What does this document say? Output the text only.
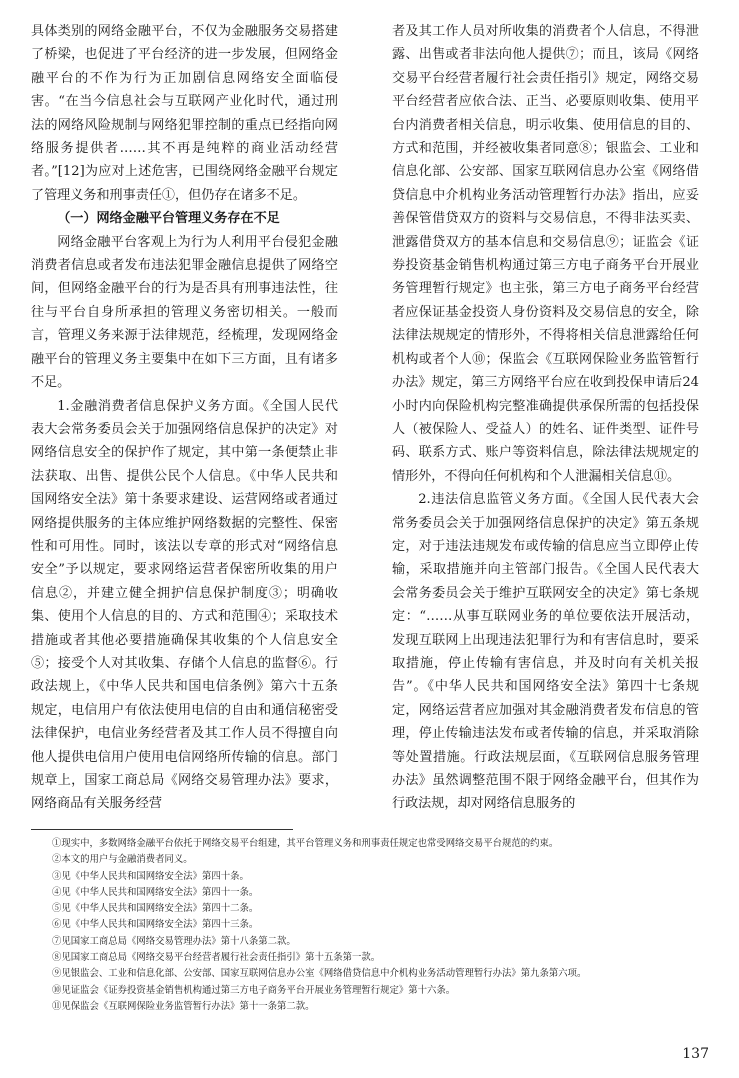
具体类别的网络金融平台，不仅为金融服务交易搭建了桥梁，也促进了平台经济的进一步发展，但网络金融平台的不作为行为正加剧信息网络安全面临侵害。“在当今信息社会与互联网产业化时代，通过刑法的网络风险规制与网络犯罪控制的重点已经指向网络服务提供者……其不再是纯粹的商业活动经营者。”[12]为应对上述危害，已围绕网络金融平台规定了管理义务和刑事责任①，但仍存在诸多不足。

（一）网络金融平台管理义务存在不足

网络金融平台客观上为行为人利用平台侵犯金融消费者信息或者发布违法犯罪金融信息提供了网络空间，但网络金融平台的行为是否具有刑事违法性，往往与平台自身所承担的管理义务密切相关。一般而言，管理义务来源于法律规范，经梳理，发现网络金融平台的管理义务主要集中在如下三方面，且有诸多不足。

1.金融消费者信息保护义务方面。《全国人民代表大会常务委员会关于加强网络信息保护的决定》对网络信息安全的保护作了规定，其中第一条便禁止非法获取、出售、提供公民个人信息。《中华人民共和国网络安全法》第十条要求建设、运营网络或者通过网络提供服务的主体应维护网络数据的完整性、保密性和可用性。同时，该法以专章的形式对“网络信息安全”予以规定，要求网络运营者保密所收集的用户信息②，并建立健全拥护信息保护制度③；明确收集、使用个人信息的目的、方式和范围④；采取技术措施或者其他必要措施确保其收集的个人信息安全⑤；接受个人对其收集、存储个人信息的监督⑥。行政法规上，《中华人民共和国电信条例》第六十五条规定，电信用户有依法使用电信的自由和通信秘密受法律保护，电信业务经营者及其工作人员不得擅自向他人提供电信用户使用电信网络所传输的信息。部门规章上，国家工商总局《网络交易管理办法》要求，网络商品有关服务经营

者及其工作人员对所收集的消费者个人信息，不得泄露、出售或者非法向他人提供⑦；而且，该局《网络交易平台经营者履行社会责任指引》规定，网络交易平台经营者应依合法、正当、必要原则收集、使用平台内消费者相关信息，明示收集、使用信息的目的、方式和范围，并经被收集者同意⑧；银监会、工业和信息化部、公安部、国家互联网信息办公室《网络借贷信息中介机构业务活动管理暂行办法》指出，应妥善保管借贷双方的资料与交易信息，不得非法买卖、泄露借贷双方的基本信息和交易信息⑨；证监会《证券投资基金销售机构通过第三方电子商务平台开展业务管理暂行规定》也主张，第三方电子商务平台经营者应保证基金投资人身份资料及交易信息的安全，除法律法规规定的情形外，不得将相关信息泄露给任何机构或者个人⑩；保监会《互联网保险业务监管暂行办法》规定，第三方网络平台应在收到投保申请后24小时内向保险机构完整准确提供承保所需的包括投保人（被保险人、受益人）的姓名、证件类型、证件号码、联系方式、账户等资料信息，除法律法规规定的情形外，不得向任何机构和个人泄漏相关信息⑪。

2.违法信息监管义务方面。《全国人民代表大会常务委员会关于加强网络信息保护的决定》第五条规定，对于违法违规发布或传输的信息应当立即停止传输，采取措施并向主管部门报告。《全国人民代表大会常务委员会关于维护互联网安全的决定》第七条规定：“……从事互联网业务的单位要依法开展活动，发现互联网上出现违法犯罪行为和有害信息时，要采取措施，停止传输有害信息，并及时向有关机关报告”。《中华人民共和国网络安全法》第四十七条规定，网络运营者应加强对其金融消费者发布信息的管理，停止传输违法发布或者传输的信息，并采取消除等处置措施。行政法规层面，《互联网信息服务管理办法》虽然调整范围不限于网络金融平台，但其作为行政法规，却对网络信息服务的

①现实中，多数网络金融平台依托于网络交易平台组建，其平台管理义务和刑事责任规定也常受网络交易平台规范的约束。
②本文的用户与金融消费者同义。
③见《中华人民共和国网络安全法》第四十条。
④见《中华人民共和国网络安全法》第四十一条。
⑤见《中华人民共和国网络安全法》第四十二条。
⑥见《中华人民共和国网络安全法》第四十三条。
⑦见国家工商总局《网络交易管理办法》第十八条第二款。
⑧见国家工商总局《网络交易平台经营者履行社会责任指引》第十五条第一款。
⑨见银监会、工业和信息化部、公安部、国家互联网信息办公室《网络借贷信息中介机构业务活动管理暂行办法》第九条第六项。
⑩见证监会《证券投资基金销售机构通过第三方电子商务平台开展业务管理暂行规定》第十六条。
⑪见保监会《互联网保险业务监管暂行办法》第十一条第二款。
137
